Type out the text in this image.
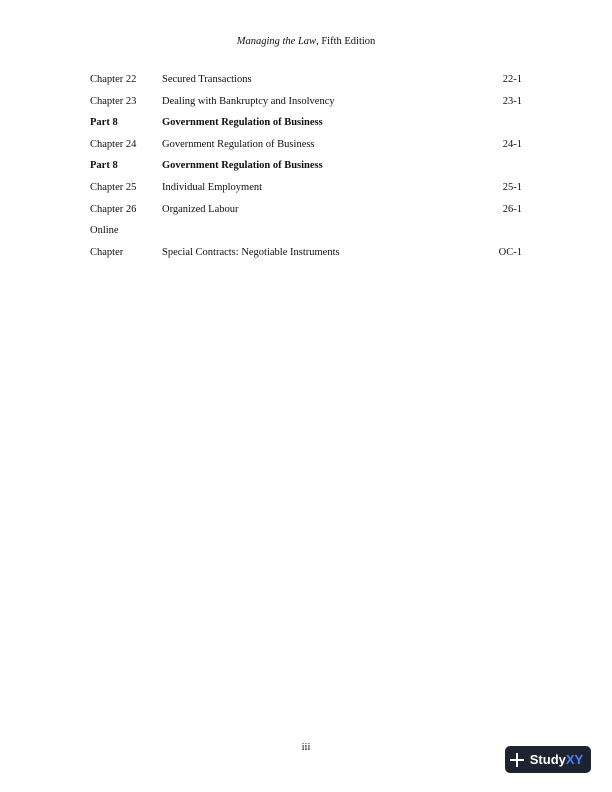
Managing the Law, Fifth Edition
Chapter 22 Secured Transactions	22-1
Chapter 23 Dealing with Bankruptcy and Insolvency	23-1
Part 8	Government Regulation of Business
Chapter 24 Government Regulation of Business	24-1
Part 8	Government Regulation of Business
Chapter 25 Individual Employment	25-1
Chapter 26 Organized Labour	26-1
Online
Chapter	Special Contracts: Negotiable Instruments	OC-1
iii
Study XY
